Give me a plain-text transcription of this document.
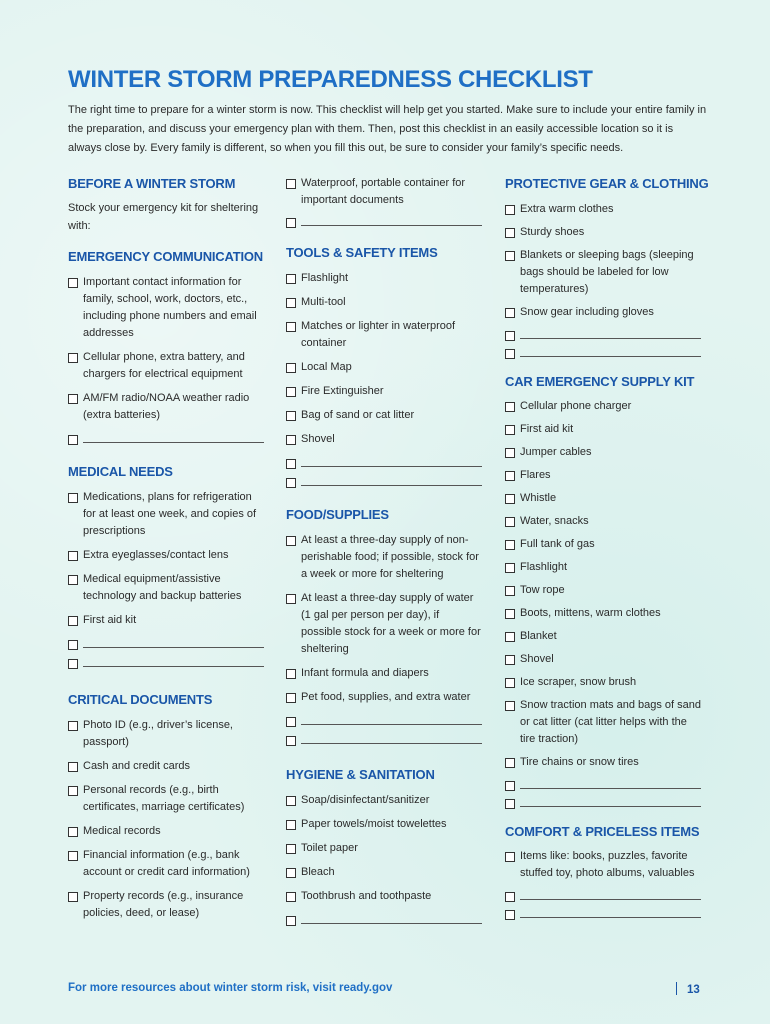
WINTER STORM PREPAREDNESS CHECKLIST

The right time to prepare for a winter storm is now. This checklist will help get you started. Make sure to include your entire family in the preparation, and discuss your emergency plan with them. Then, post this checklist in an easily accessible location so it is always close by. Every family is different, so when you fill this out, be sure to consider your family’s specific needs.

BEFORE A WINTER STORM

Stock your emergency kit for sheltering with:

EMERGENCY COMMUNICATION

Important contact information for family, school, work, doctors, etc., including phone numbers and email addresses
Cellular phone, extra battery, and chargers for electrical equipment
AM/FM radio/NOAA weather radio (extra batteries)

MEDICAL NEEDS

Medications, plans for refrigeration for at least one week, and copies of prescriptions
Extra eyeglasses/contact lens
Medical equipment/assistive technology and backup batteries
First aid kit

CRITICAL DOCUMENTS

Photo ID (e.g., driver’s license, passport)
Cash and credit cards
Personal records (e.g., birth certificates, marriage certificates)
Medical records
Financial information (e.g., bank account or credit card information)
Property records (e.g., insurance policies, deed, or lease)
Waterproof, portable container for important documents

TOOLS & SAFETY ITEMS

Flashlight
Multi-tool
Matches or lighter in waterproof container
Local Map
Fire Extinguisher
Bag of sand or cat litter
Shovel

FOOD/SUPPLIES

At least a three-day supply of non-perishable food; if possible, stock for a week or more for sheltering
At least a three-day supply of water (1 gal per person per day), if possible stock for a week or more for sheltering
Infant formula and diapers
Pet food, supplies, and extra water

HYGIENE & SANITATION

Soap/disinfectant/sanitizer
Paper towels/moist towelettes
Toilet paper
Bleach
Toothbrush and toothpaste

PROTECTIVE GEAR & CLOTHING

Extra warm clothes
Sturdy shoes
Blankets or sleeping bags (sleeping bags should be labeled for low temperatures)
Snow gear including gloves

CAR EMERGENCY SUPPLY KIT

Cellular phone charger
First aid kit
Jumper cables
Flares
Whistle
Water, snacks
Full tank of gas
Flashlight
Tow rope
Boots, mittens, warm clothes
Blanket
Shovel
Ice scraper, snow brush
Snow traction mats and bags of sand or cat litter (cat litter helps with the tire traction)
Tire chains or snow tires

COMFORT & PRICELESS ITEMS

Items like: books, puzzles, favorite stuffed toy, photo albums, valuables

For more resources about winter storm risk, visit ready.gov	13
